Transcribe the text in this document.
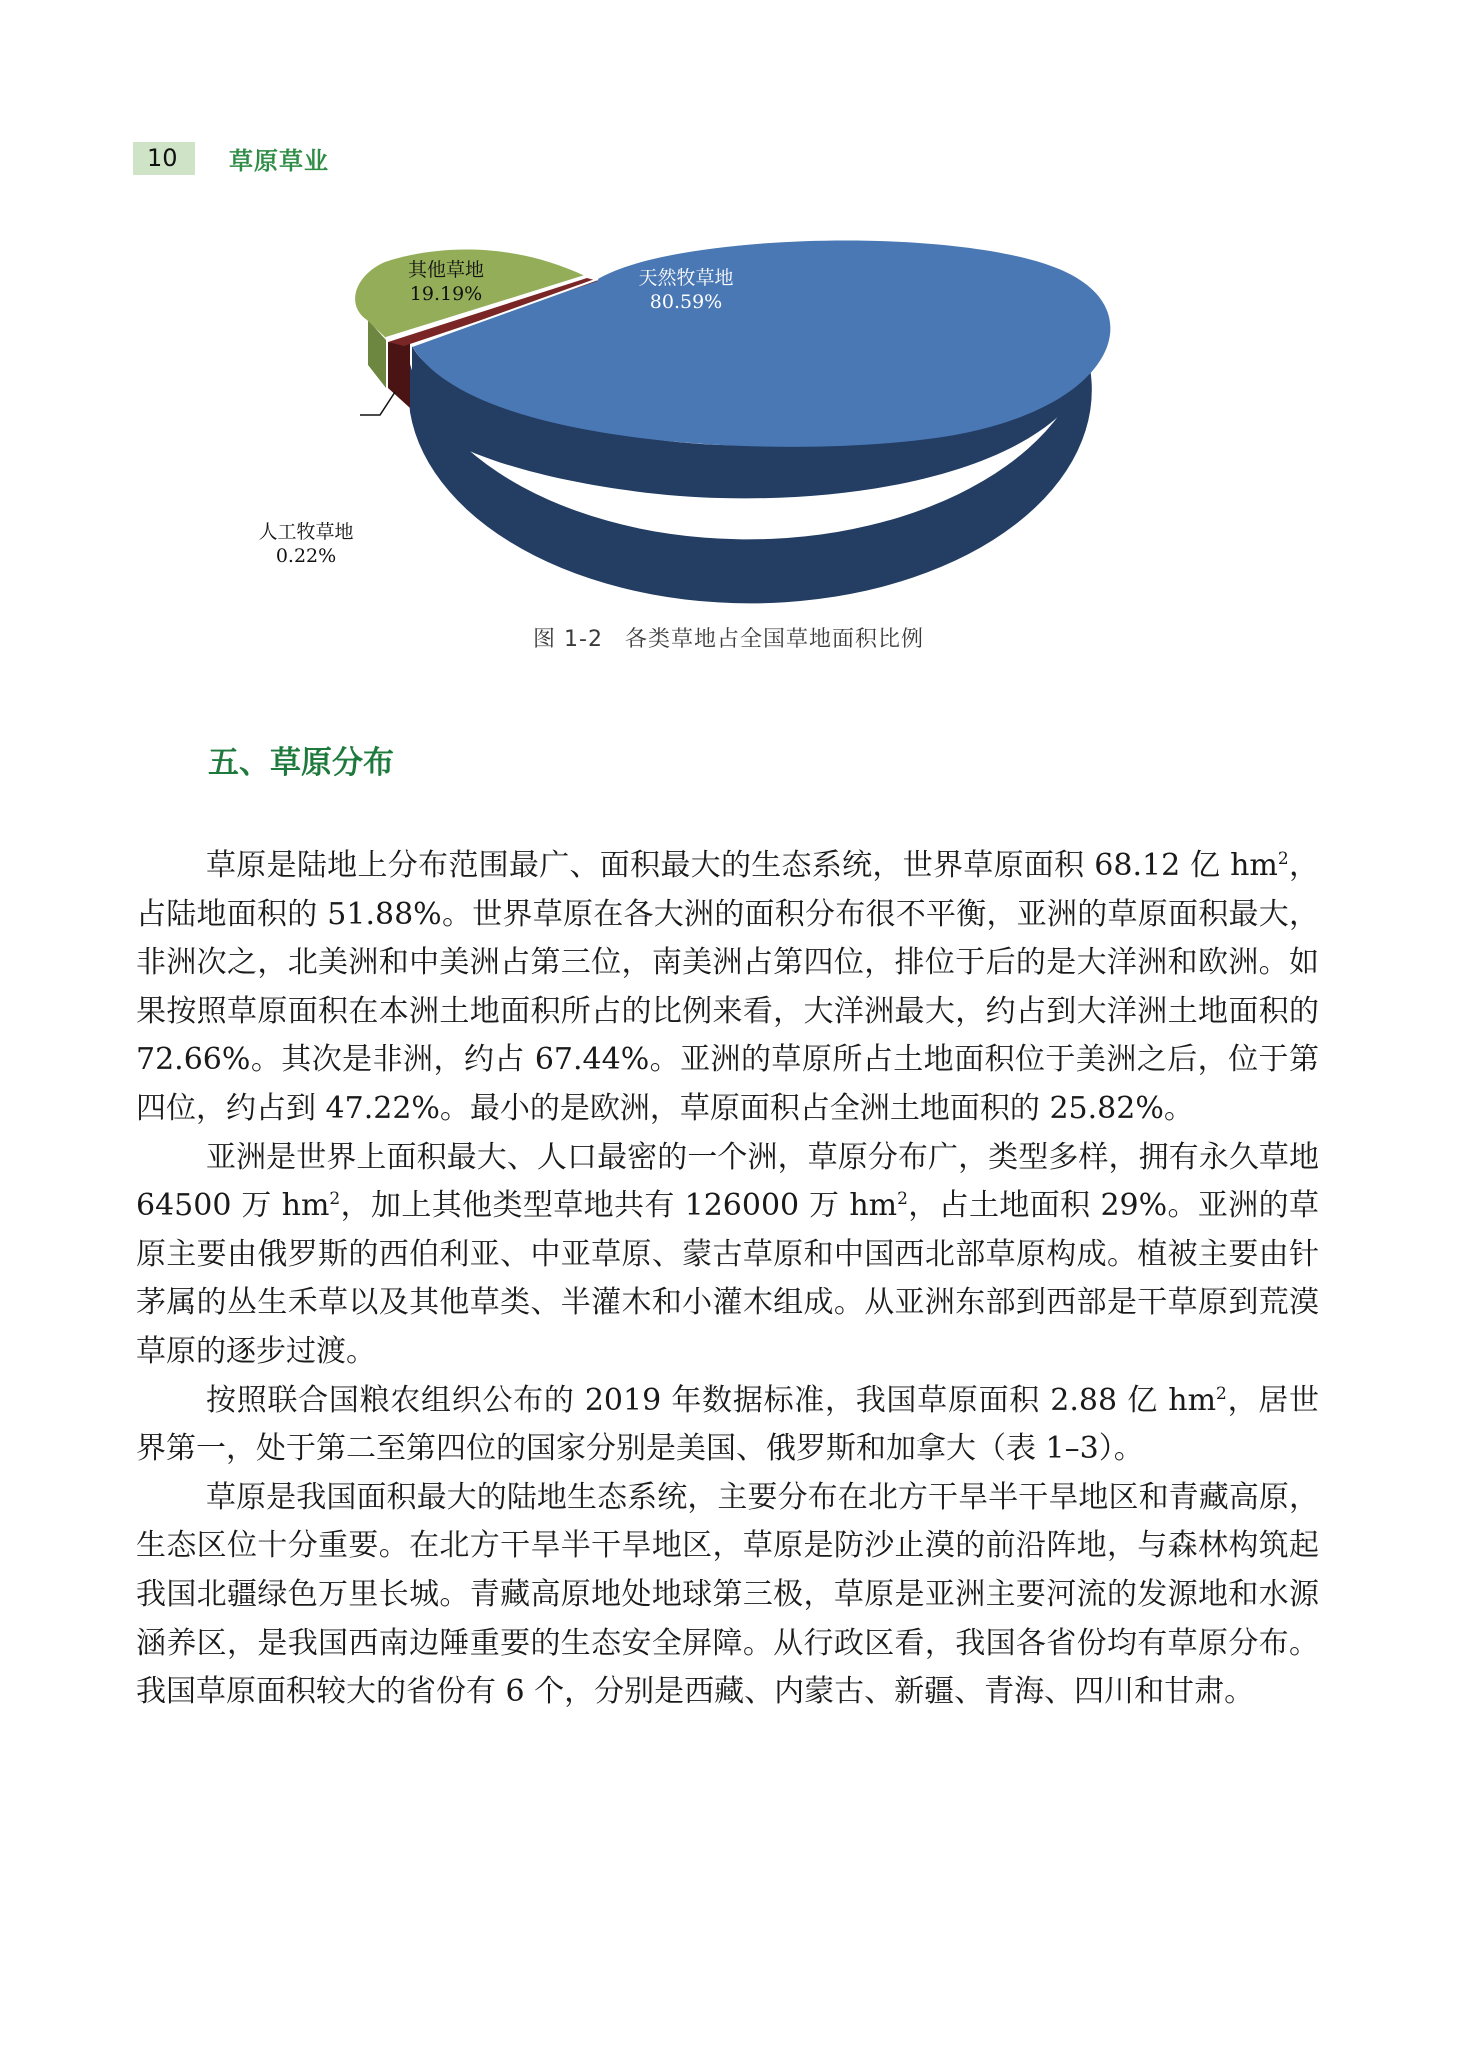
10	草原草业
天然牧草地
80.59%
其他草地
19.19%
人工牧草地
0.22%
图 1-2 各类草地占全国草地面积比例
五、草原分布

草原是陆地上分布范围最广、面积最大的生态系统，世界草原面积 68.12 亿 $hm^2$，占陆地面积的 51.88%。世界草原在各大洲的面积分布很不平衡，亚洲的草原面积最大，非洲次之，北美洲和中美洲占第三位，南美洲占第四位，排位于后的是大洋洲和欧洲。如果按照草原面积在本洲土地面积所占的比例来看，大洋洲最大，约占到大洋洲土地面积的 72.66%。其次是非洲，约占 67.44%。亚洲的草原所占土地面积位于美洲之后，位于第四位，约占到 47.22%。最小的是欧洲，草原面积占全洲土地面积的 25.82%。

亚洲是世界上面积最大、人口最密的一个洲，草原分布广，类型多样，拥有永久草地 64500 万 $hm^2$，加上其他类型草地共有 126000 万 $hm^2$，占土地面积 29%。亚洲的草原主要由俄罗斯的西伯利亚、中亚草原、蒙古草原和中国西北部草原构成。植被主要由针茅属的丛生禾草以及其他草类、半灌木和小灌木组成。从亚洲东部到西部是干草原到荒漠草原的逐步过渡。

按照联合国粮农组织公布的 2019 年数据标准，我国草原面积 2.88 亿 $hm^2$，居世界第一，处于第二至第四位的国家分别是美国、俄罗斯和加拿大（表 1–3）。

草原是我国面积最大的陆地生态系统，主要分布在北方干旱半干旱地区和青藏高原，生态区位十分重要。在北方干旱半干旱地区，草原是防沙止漠的前沿阵地，与森林构筑起我国北疆绿色万里长城。青藏高原地处地球第三极，草原是亚洲主要河流的发源地和水源涵养区，是我国西南边陲重要的生态安全屏障。从行政区看，我国各省份均有草原分布。我国草原面积较大的省份有 6 个，分别是西藏、内蒙古、新疆、青海、四川和甘肃。
